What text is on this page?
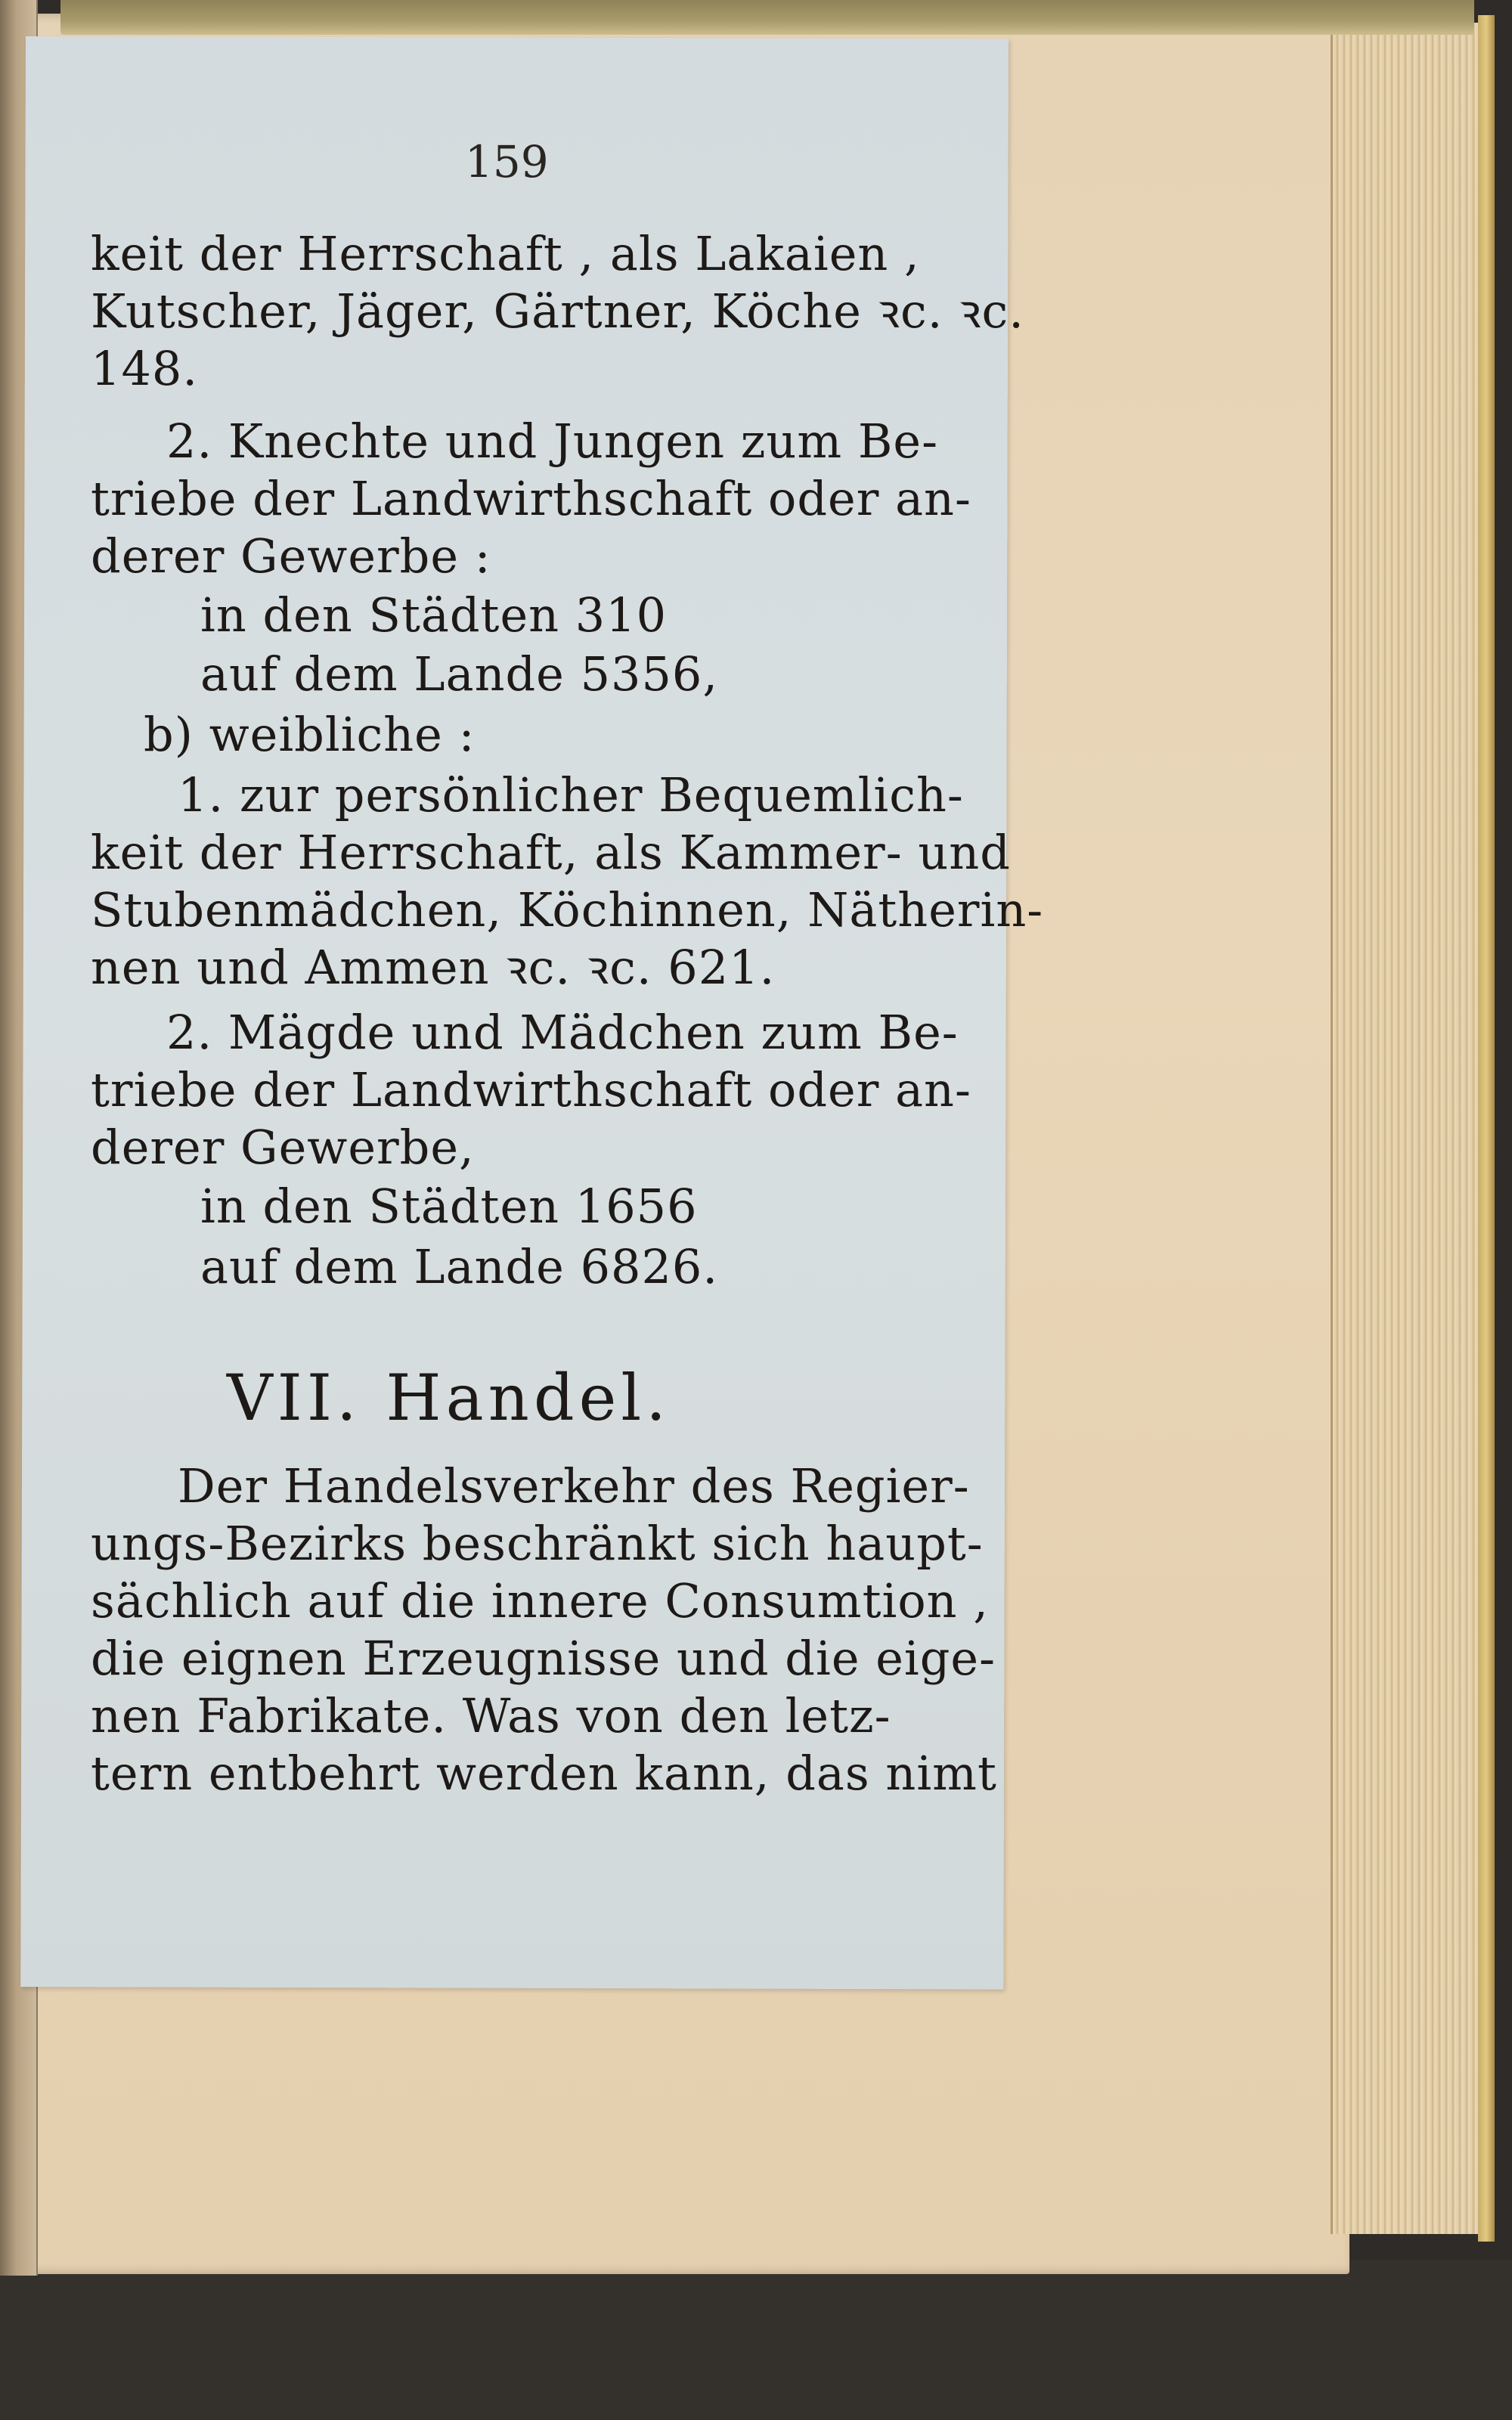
159
keit der Herrschaft , als Lakaien ,
Kutscher, Jäger, Gärtner, Köche ꝛc. ꝛc.
148.
2. Knechte und Jungen zum Be-
triebe der Landwirthschaft oder an-
derer Gewerbe :
in den Städten 310
auf dem Lande 5356,
b) weibliche :
1. zur persönlicher Bequemlich-
keit der Herrschaft, als Kammer- und
Stubenmädchen, Köchinnen, Nätherin-
nen und Ammen ꝛc. ꝛc. 621.
2. Mägde und Mädchen zum Be-
triebe der Landwirthschaft oder an-
derer Gewerbe,
in den Städten 1656
auf dem Lande 6826.
VII. Handel.
Der Handelsverkehr des Regier-
ungs-Bezirks beschränkt sich haupt-
sächlich auf die innere Consumtion ,
die eignen Erzeugnisse und die eige-
nen Fabrikate. Was von den letz-
tern entbehrt werden kann, das nimt
